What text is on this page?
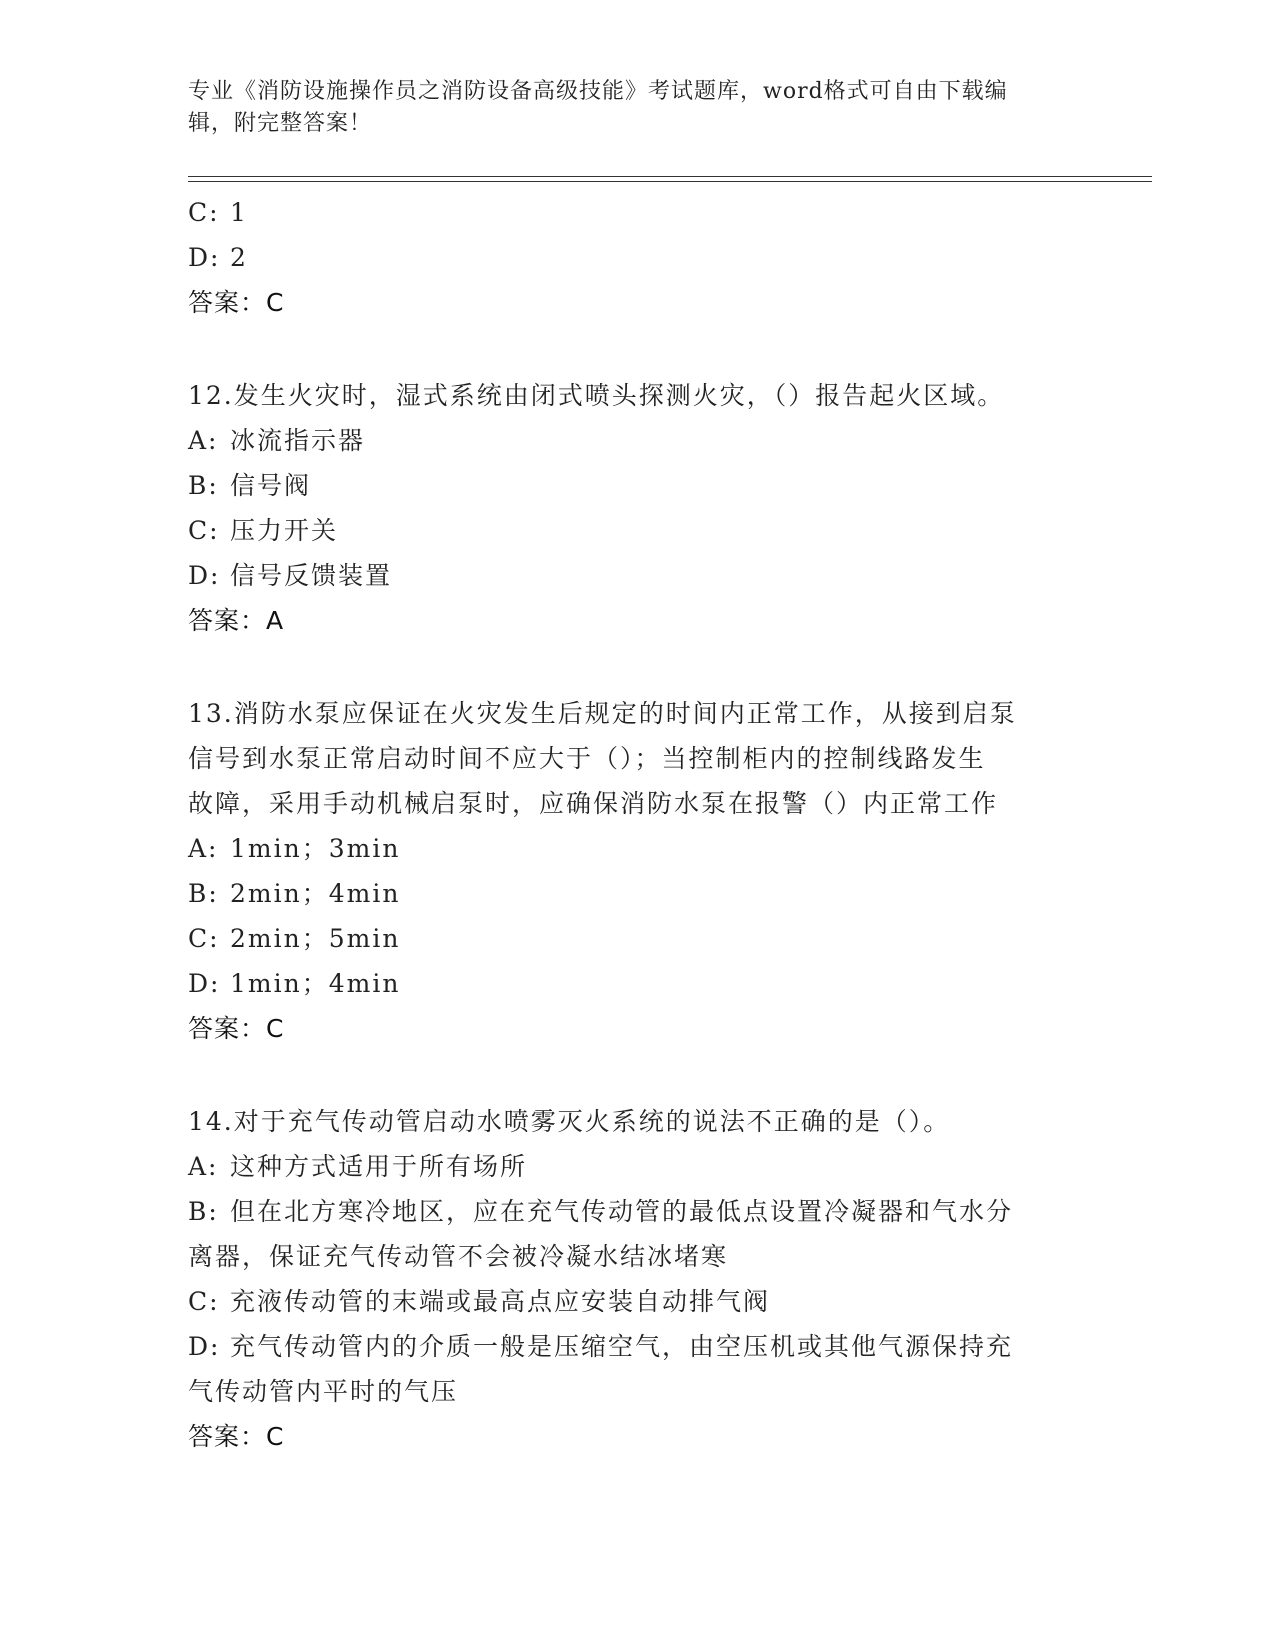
专业《消防设施操作员之消防设备高级技能》考试题库，word格式可自由下载编
辑，附完整答案！
C: 1
D: 2
答案：C
12.发生火灾时，湿式系统由闭式喷头探测火灾，（）报告起火区域。
A: 冰流指示器
B: 信号阀
C: 压力开关
D: 信号反馈装置
答案：A
13.消防水泵应保证在火灾发生后规定的时间内正常工作，从接到启泵
信号到水泵正常启动时间不应大于（）；当控制柜内的控制线路发生
故障，采用手动机械启泵时，应确保消防水泵在报警（）内正常工作
A: 1min；3min
B: 2min；4min
C: 2min；5min
D: 1min；4min
答案：C
14.对于充气传动管启动水喷雾灭火系统的说法不正确的是（）。
A: 这种方式适用于所有场所
B: 但在北方寒冷地区，应在充气传动管的最低点设置冷凝器和气水分
离器，保证充气传动管不会被冷凝水结冰堵寒
C: 充液传动管的末端或最高点应安装自动排气阀
D: 充气传动管内的介质一般是压缩空气，由空压机或其他气源保持充
气传动管内平时的气压
答案：C
